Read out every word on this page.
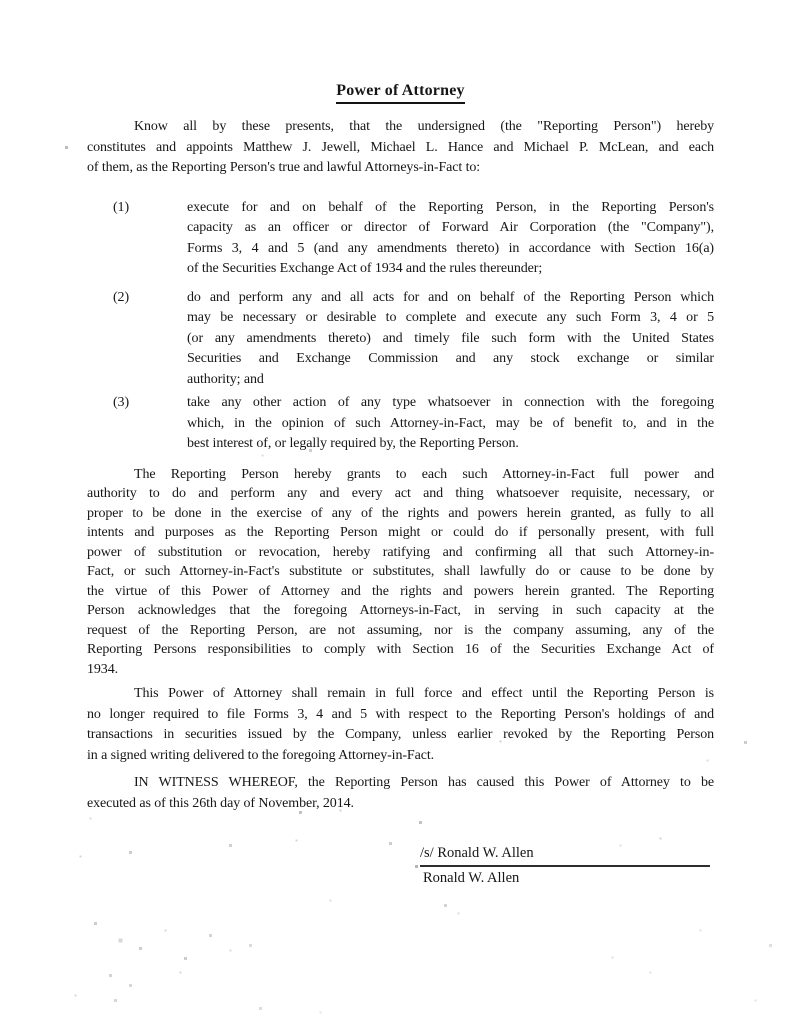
Power of Attorney
Know all by these presents, that the undersigned (the "Reporting Person") hereby
constitutes and appoints Matthew J. Jewell, Michael L. Hance and Michael P. McLean, and each
of them, as the Reporting Person's true and lawful Attorneys-in-Fact to:
(1)	execute for and on behalf of the Reporting Person, in the Reporting Person's
capacity as an officer or director of Forward Air Corporation (the "Company"),
Forms 3, 4 and 5 (and any amendments thereto) in accordance with Section 16(a)
of the Securities Exchange Act of 1934 and the rules thereunder;
(2)	do and perform any and all acts for and on behalf of the Reporting Person which
may be necessary or desirable to complete and execute any such Form 3, 4 or 5
(or any amendments thereto) and timely file such form with the United States
Securities and Exchange Commission and any stock exchange or similar
authority; and
(3)	take any other action of any type whatsoever in connection with the foregoing
which, in the opinion of such Attorney-in-Fact, may be of benefit to, and in the
best interest of, or legally required by, the Reporting Person.
The Reporting Person hereby grants to each such Attorney-in-Fact full power and
authority to do and perform any and every act and thing whatsoever requisite, necessary, or
proper to be done in the exercise of any of the rights and powers herein granted, as fully to all
intents and purposes as the Reporting Person might or could do if personally present, with full
power of substitution or revocation, hereby ratifying and confirming all that such Attorney-in-
Fact, or such Attorney-in-Fact's substitute or substitutes, shall lawfully do or cause to be done by
the virtue of this Power of Attorney and the rights and powers herein granted. The Reporting
Person acknowledges that the foregoing Attorneys-in-Fact, in serving in such capacity at the
request of the Reporting Person, are not assuming, nor is the company assuming, any of the
Reporting Persons responsibilities to comply with Section 16 of the Securities Exchange Act of
1934.
This Power of Attorney shall remain in full force and effect until the Reporting Person is
no longer required to file Forms 3, 4 and 5 with respect to the Reporting Person's holdings of and
transactions in securities issued by the Company, unless earlier revoked by the Reporting Person
in a signed writing delivered to the foregoing Attorney-in-Fact.
IN WITNESS WHEREOF, the Reporting Person has caused this Power of Attorney to be
executed as of this 26th day of November, 2014.
/s/ Ronald W. Allen
Ronald W. Allen
